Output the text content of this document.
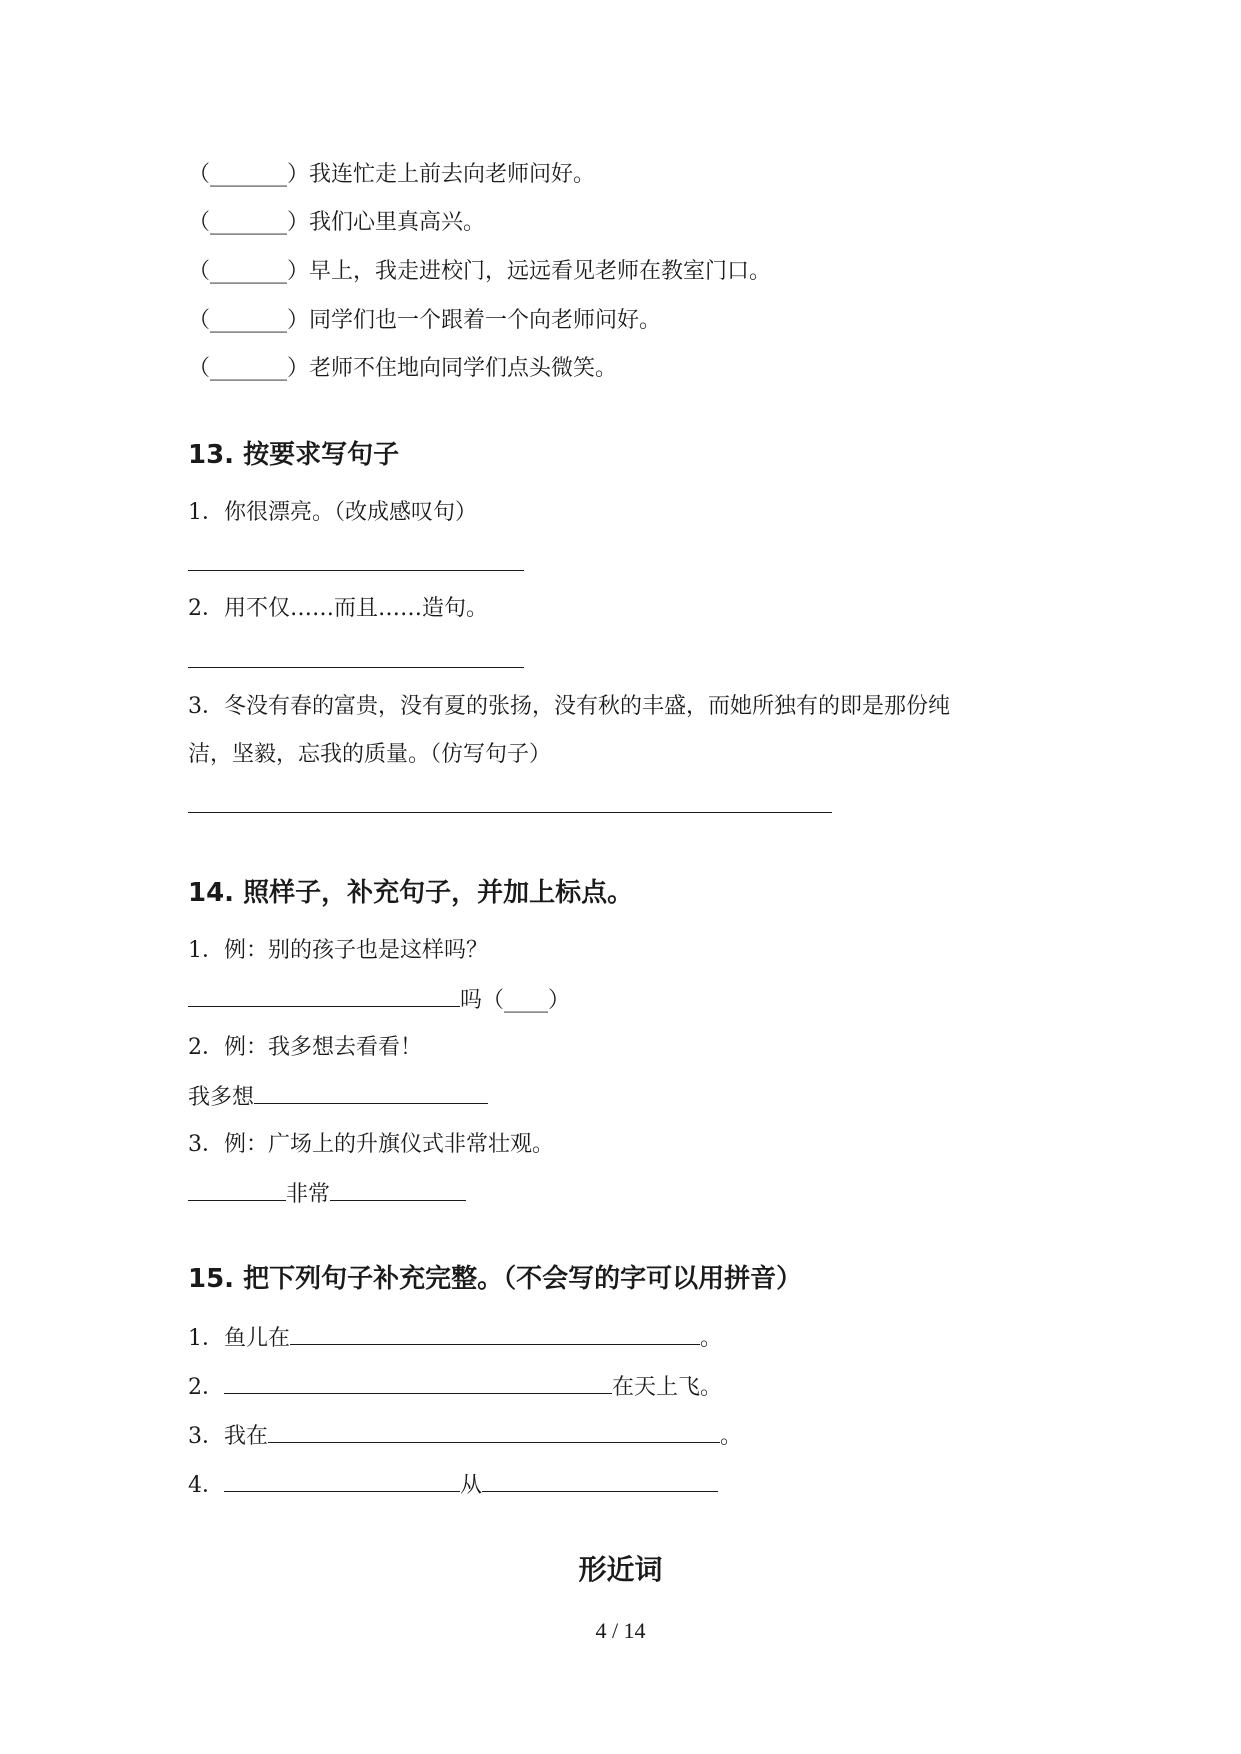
（_______）我连忙走上前去向老师问好。
（_______）我们心里真高兴。
（_______）早上，我走进校门，远远看见老师在教室门口。
（_______）同学们也一个跟着一个向老师问好。
（_______）老师不住地向同学们点头微笑。
13. 按要求写句子
1．你很漂亮。（改成感叹句）
2．用不仅……而且……造句。
3．冬没有春的富贵，没有夏的张扬，没有秋的丰盛，而她所独有的即是那份纯
洁，坚毅，忘我的质量。（仿写句子）
14. 照样子，补充句子，并加上标点。
1．例：别的孩子也是这样吗？
吗（____）
2．例：我多想去看看！
我多想
3．例：广场上的升旗仪式非常壮观。
非常
15. 把下列句子补充完整。（不会写的字可以用拼音）
1．鱼儿在	。
2．	在天上飞。
3．我在	。
4．	从
形近词
4 / 14
